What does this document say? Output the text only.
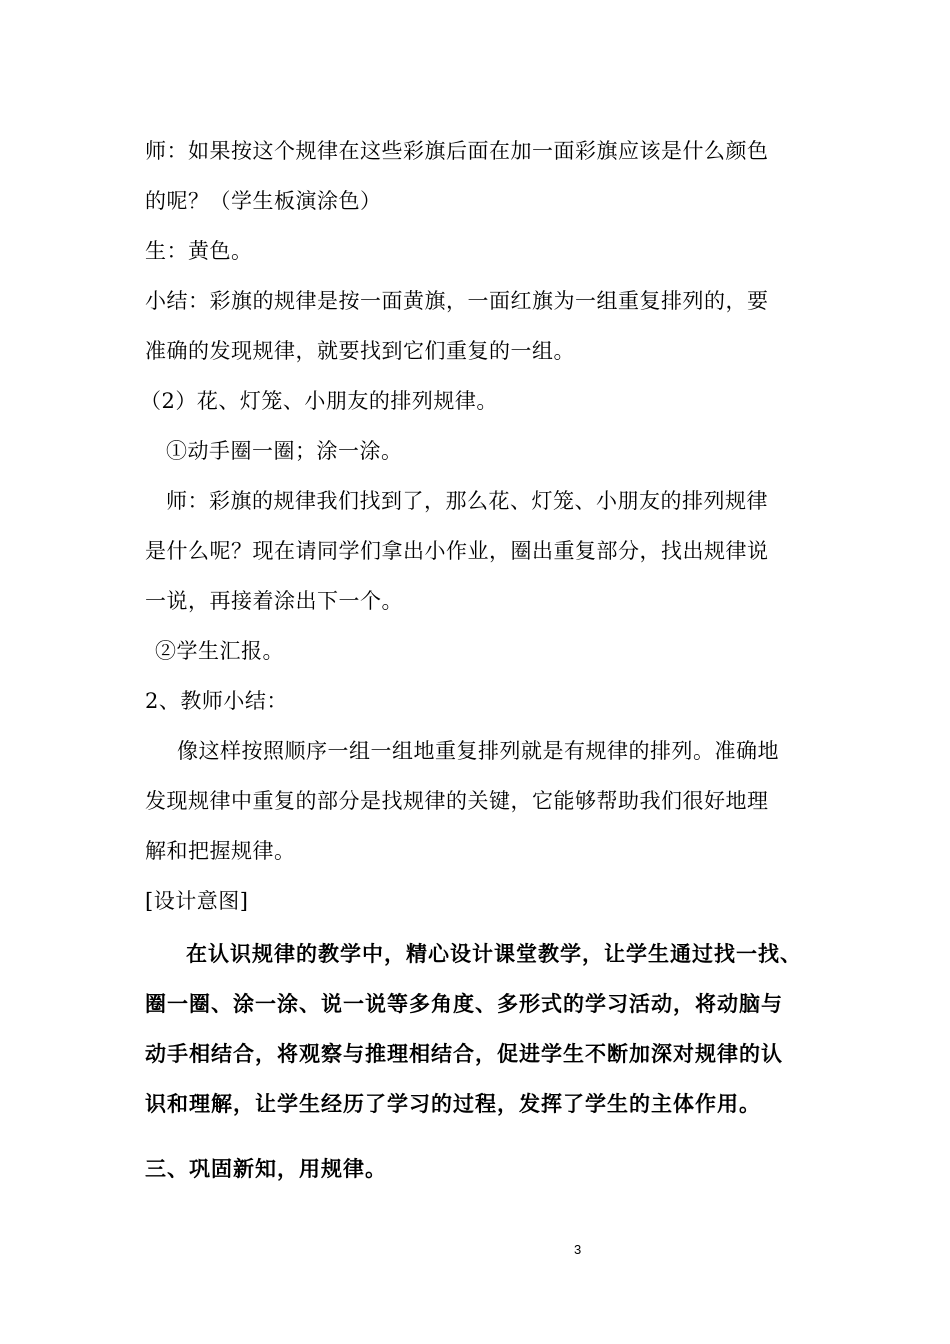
师：如果按这个规律在这些彩旗后面在加一面彩旗应该是什么颜色
的呢？（学生板演涂色）
生：黄色。
小结：彩旗的规律是按一面黄旗，一面红旗为一组重复排列的，要
准确的发现规律，就要找到它们重复的一组。
（2）花、灯笼、小朋友的排列规律。
①动手圈一圈；涂一涂。
师：彩旗的规律我们找到了，那么花、灯笼、小朋友的排列规律
是什么呢？现在请同学们拿出小作业，圈出重复部分，找出规律说
一说，再接着涂出下一个。
②学生汇报。
2、教师小结：
像这样按照顺序一组一组地重复排列就是有规律的排列。准确地
发现规律中重复的部分是找规律的关键，它能够帮助我们很好地理
解和把握规律。
[设计意图]
在认识规律的教学中，精心设计课堂教学，让学生通过找一找、
圈一圈、涂一涂、说一说等多角度、多形式的学习活动，将动脑与
动手相结合，将观察与推理相结合，促进学生不断加深对规律的认
识和理解，让学生经历了学习的过程，发挥了学生的主体作用。
三、巩固新知，用规律。
3
